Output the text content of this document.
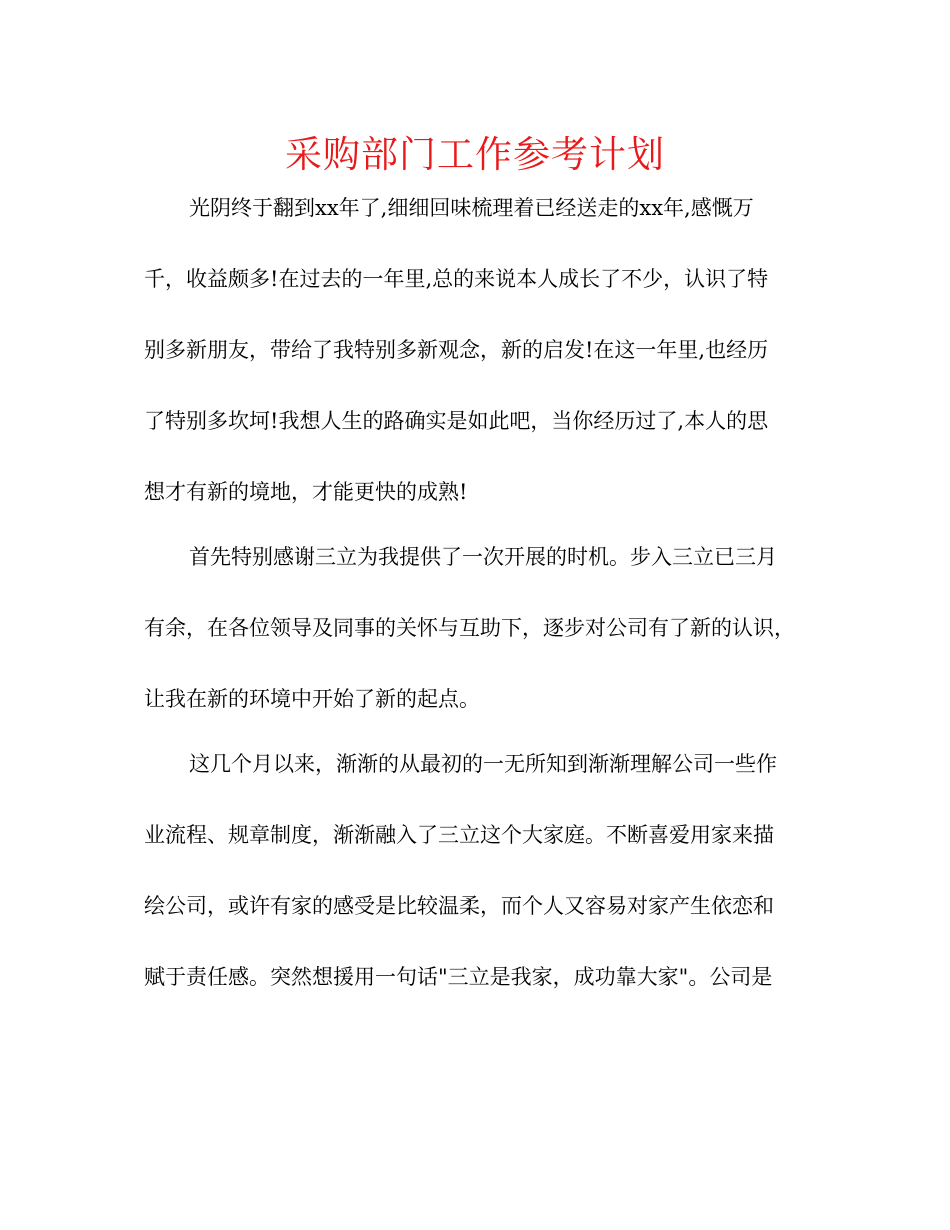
采购部门工作参考计划
光阴终于翻到xx年了,细细回味梳理着已经送走的xx年,感慨万
千，收益颇多!在过去的一年里,总的来说本人成长了不少，认识了特
别多新朋友，带给了我特别多新观念，新的启发!在这一年里,也经历
了特别多坎坷!我想人生的路确实是如此吧，当你经历过了,本人的思
想才有新的境地，才能更快的成熟!
首先特别感谢三立为我提供了一次开展的时机。步入三立已三月
有余，在各位领导及同事的关怀与互助下，逐步对公司有了新的认识，
让我在新的环境中开始了新的起点。
这几个月以来，渐渐的从最初的一无所知到渐渐理解公司一些作
业流程、规章制度，渐渐融入了三立这个大家庭。不断喜爱用家来描
绘公司，或许有家的感受是比较温柔，而个人又容易对家产生依恋和
赋于责任感。突然想援用一句话"三立是我家，成功靠大家"。公司是
